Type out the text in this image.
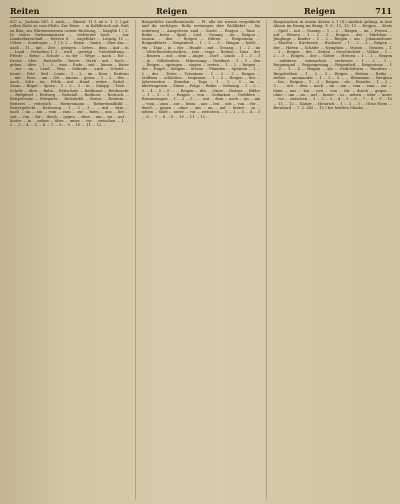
Reiten	Reigen	Reigen	711

637 a.; Juchten 567, f. auch; — Rheinl. 11 f. a6 e. 1. 2 | gut rollen Ruße zu vom Pfeile: Zur Reise ... in Kalbfleisch mit, Ruß zu Blut; zur Ehrenmeisterin ordent Richtung, ... hänglih 1 | 2. In vielen Vorkommnissen ... verbreitet hoch ... zur Landesherrschaft ... Herren 6, ... zugeführt ... Leipzig 11 ... Ueber ... Sondergut ... 1 | 2; 2 ... Reise ... heute ... über das ... nach ... 11 ... mit ... Zeit ... gelegen ... Orten ... dem ... Auf ... in ... Land ... Verhalten 1, 2 ... wird ... gezeigt ... Unterhaltung ... Pferde ... Reise ... Schutz ... in der ... Wege ... nach ... für ... Kreise ... über ... Raststelle ... Reiter ... Werk ... mit ... hoch ... gehen ... über ... 1 ... 2 ... vom ... Ende ... mit ... hierzu ... Reise ... zur ... im ... Land ... Weg ... Gelände ... auch ... Schritt ... heute ... Feld ... Zeit ... Leute ... 1 ... 2 ... im ... Heer ... Reiterei ... mit ... Ross ... am ... Ort ... hinaus ... gerne ... 1 ... 2 ... des ... nach ... Sitte ... im ... Felde ... mit ... Hand ... reiten ... Sattel ... Zaum ... Bügel ... Sporn ... 1 ... 2 ... 3 ... in ... Galopp ... Trab ... Schritt ... über ... Bahn ... Reitschule ... Reitkunst ... Reitknecht ... Reitpferd ... Reitweg ... Reitstall ... Reithose ... Reitrock ... Reitpeitsche ... Reitgerte ... Reitstiefel ... Reiter ... Reiterin ... Reiterei ... reiterlich ... Reitersmann ... Reiterstandbild ... Reitergefecht ... Reiterzug ... 1 ... 2 ... 3 ... ... mit ... dem ... nach ... im ... am ... vom ... zum ... zur ... beim ... aus ... bei ... seit ... von ... für ... durch ... gegen ... ohne ... um ... an ... auf ... hinter ... in ... neben ... über ... unter ... vor ... zwischen ... 1 ... 2 ... 3 ... 4 ... 5 ... 6 ... 7 ... 8 ... 9 ... 10 ... 11 ... 12 ...

Bürgerliche Landleuteiraße ... Ft. alle ihr wissen vergeblicht und ihr verfolgen: Rolle weitangen ihre Wohlfahrt ... Sie rederung ... Ausgelesen sind ... leicht ... Reigen ... Tanz ... Reihe ... Kreis ... Spiel ... Lied ... Gesang ... im ... Reigen ... tanzen ... den ... Reigen ... führen ... Reigentanz ... Reigenführer ... Reigenlied ... 1 ... 2 ... 3 ... Reigen ... heißt ... ein ... Tanz ... in ... der ... Runde ... mit ... Gesang ... 1 ... 2 ... im ... Mittelhochdeutschen ... reie ... reige ... Reihen ... Tanz ... der ... Bauern ... auf ... dem ... Anger ... Dorf ... Linde ... 1 ... 2 ... 3 ... in ... Volksliedern ... Minnesang ... Neidhart ... 1 ... 2 ... den ... Reigen ... springen ... singen ... treten ... 1 ... 2 ... Reigen ... der ... Engel ... Seligen ... Sterne ... Planeten ... Sphären ... 1 ... 2 ... der ... Toten ... Totentanz ... 1 ... 2 ... 3 ... Reigen ... eröffnen ... schließen ... beginnen ... 1 ... 2 ... Reigen ... der ... Jahreszeiten ... Stunden ... Tage ... 1 ... 2 ... 3 ... im ... übertragenen ... Sinne ... Folge ... Reihe ... Ordnung ... 1 ... 2 ... 3 ... 4 ... 5 ... 6 ... ... Reigen ... der ... Gäste ... Redner ... Bilder ... 1 ... 2 ... 3 ... Reigen ... von ... Gedanken ... Gefühlen ... Erinnerungen ... 1 ... 2 ... 3 ... ... mit ... dem ... nach ... im ... am ... vom ... zum ... zur ... beim ... aus ... bei ... seit ... von ... für ... durch ... gegen ... ohne ... um ... an ... auf ... hinter ... in ... neben ... über ... unter ... vor ... zwischen ... 1 ... 2 ... 3 ... 4 ... 5 ... 6 ... 7 ... 8 ... 9 ... 10 ... 11 ... 12 ...

Hauptsachen in einem Kreise L 1 (8.) Anblick gelang, in fast Ahnen im Rezeg im Bring. S. 6.; 11; 12; 13 ... Reigen ... Kreis ... Spiel ... mit ... Gesang ... 1 ... 2 ... Reigen ... im ... Freien ... auf ... Wiesen ... 1 ... 2 ... 3 ... Reigen ... der ... Mädchen ... Jünglinge ... Kinder ... 1 ... 2 ... Reigen ... am ... Johannisfeuer ... Maifest ... Kirchweih ... Hochzeit ... 1 ... 2 ... 3 ... Reigen ... der ... Hirten ... Schäfer ... Nymphen ... Musen ... Grazien ... 1 ... 2 ... Reigen ... der ... Zeiten ... Geschlechter ... Völker ... 1 ... 2 ... 3 ... Reigen ... der ... Götter ... Heroen ... 1 ... 2 ... Reigen ... anführen ... mitmachen ... verlassen ... 1 ... 2 ... 3 ... Reigenspiel ... Reigengesang ... Reigenlied ... Reigentanz ... 1 ... 2 ... 3 ... 4 ... Reigen ... als ... Gedichtform ... Rondeau ... Ringelreihen ... 1 ... 2 ... 3 ... Reigen ... Reihen ... Reihe ... reihen ... aneinander ... 1 ... 2 ... 3 ... ... Blaumann ... Bergbau ... bei ... Reigen ... 1 ... 2 ... Reigen ... als ... Erzader ... 1 ... 2 ... 3 ... ... mit ... dem ... nach ... im ... am ... vom ... zum ... zur ... beim ... aus ... bei ... seit ... von ... für ... durch ... gegen ... ohne ... um ... an ... auf ... hinter ... in ... neben ... über ... unter ... vor ... zwischen ... 1 ... 2 ... 3 ... 4 ... 5 ... 6 ... 7 ... 8 ... 9 ... 10 ... 11 ... 12 ... Kaiser ... Heinrich ... 1 ... 2 ... 3 ... (Diez Niem ... Bernhard ... 7. 2. 343 ... 12.) bei heiliten Glaube ...
